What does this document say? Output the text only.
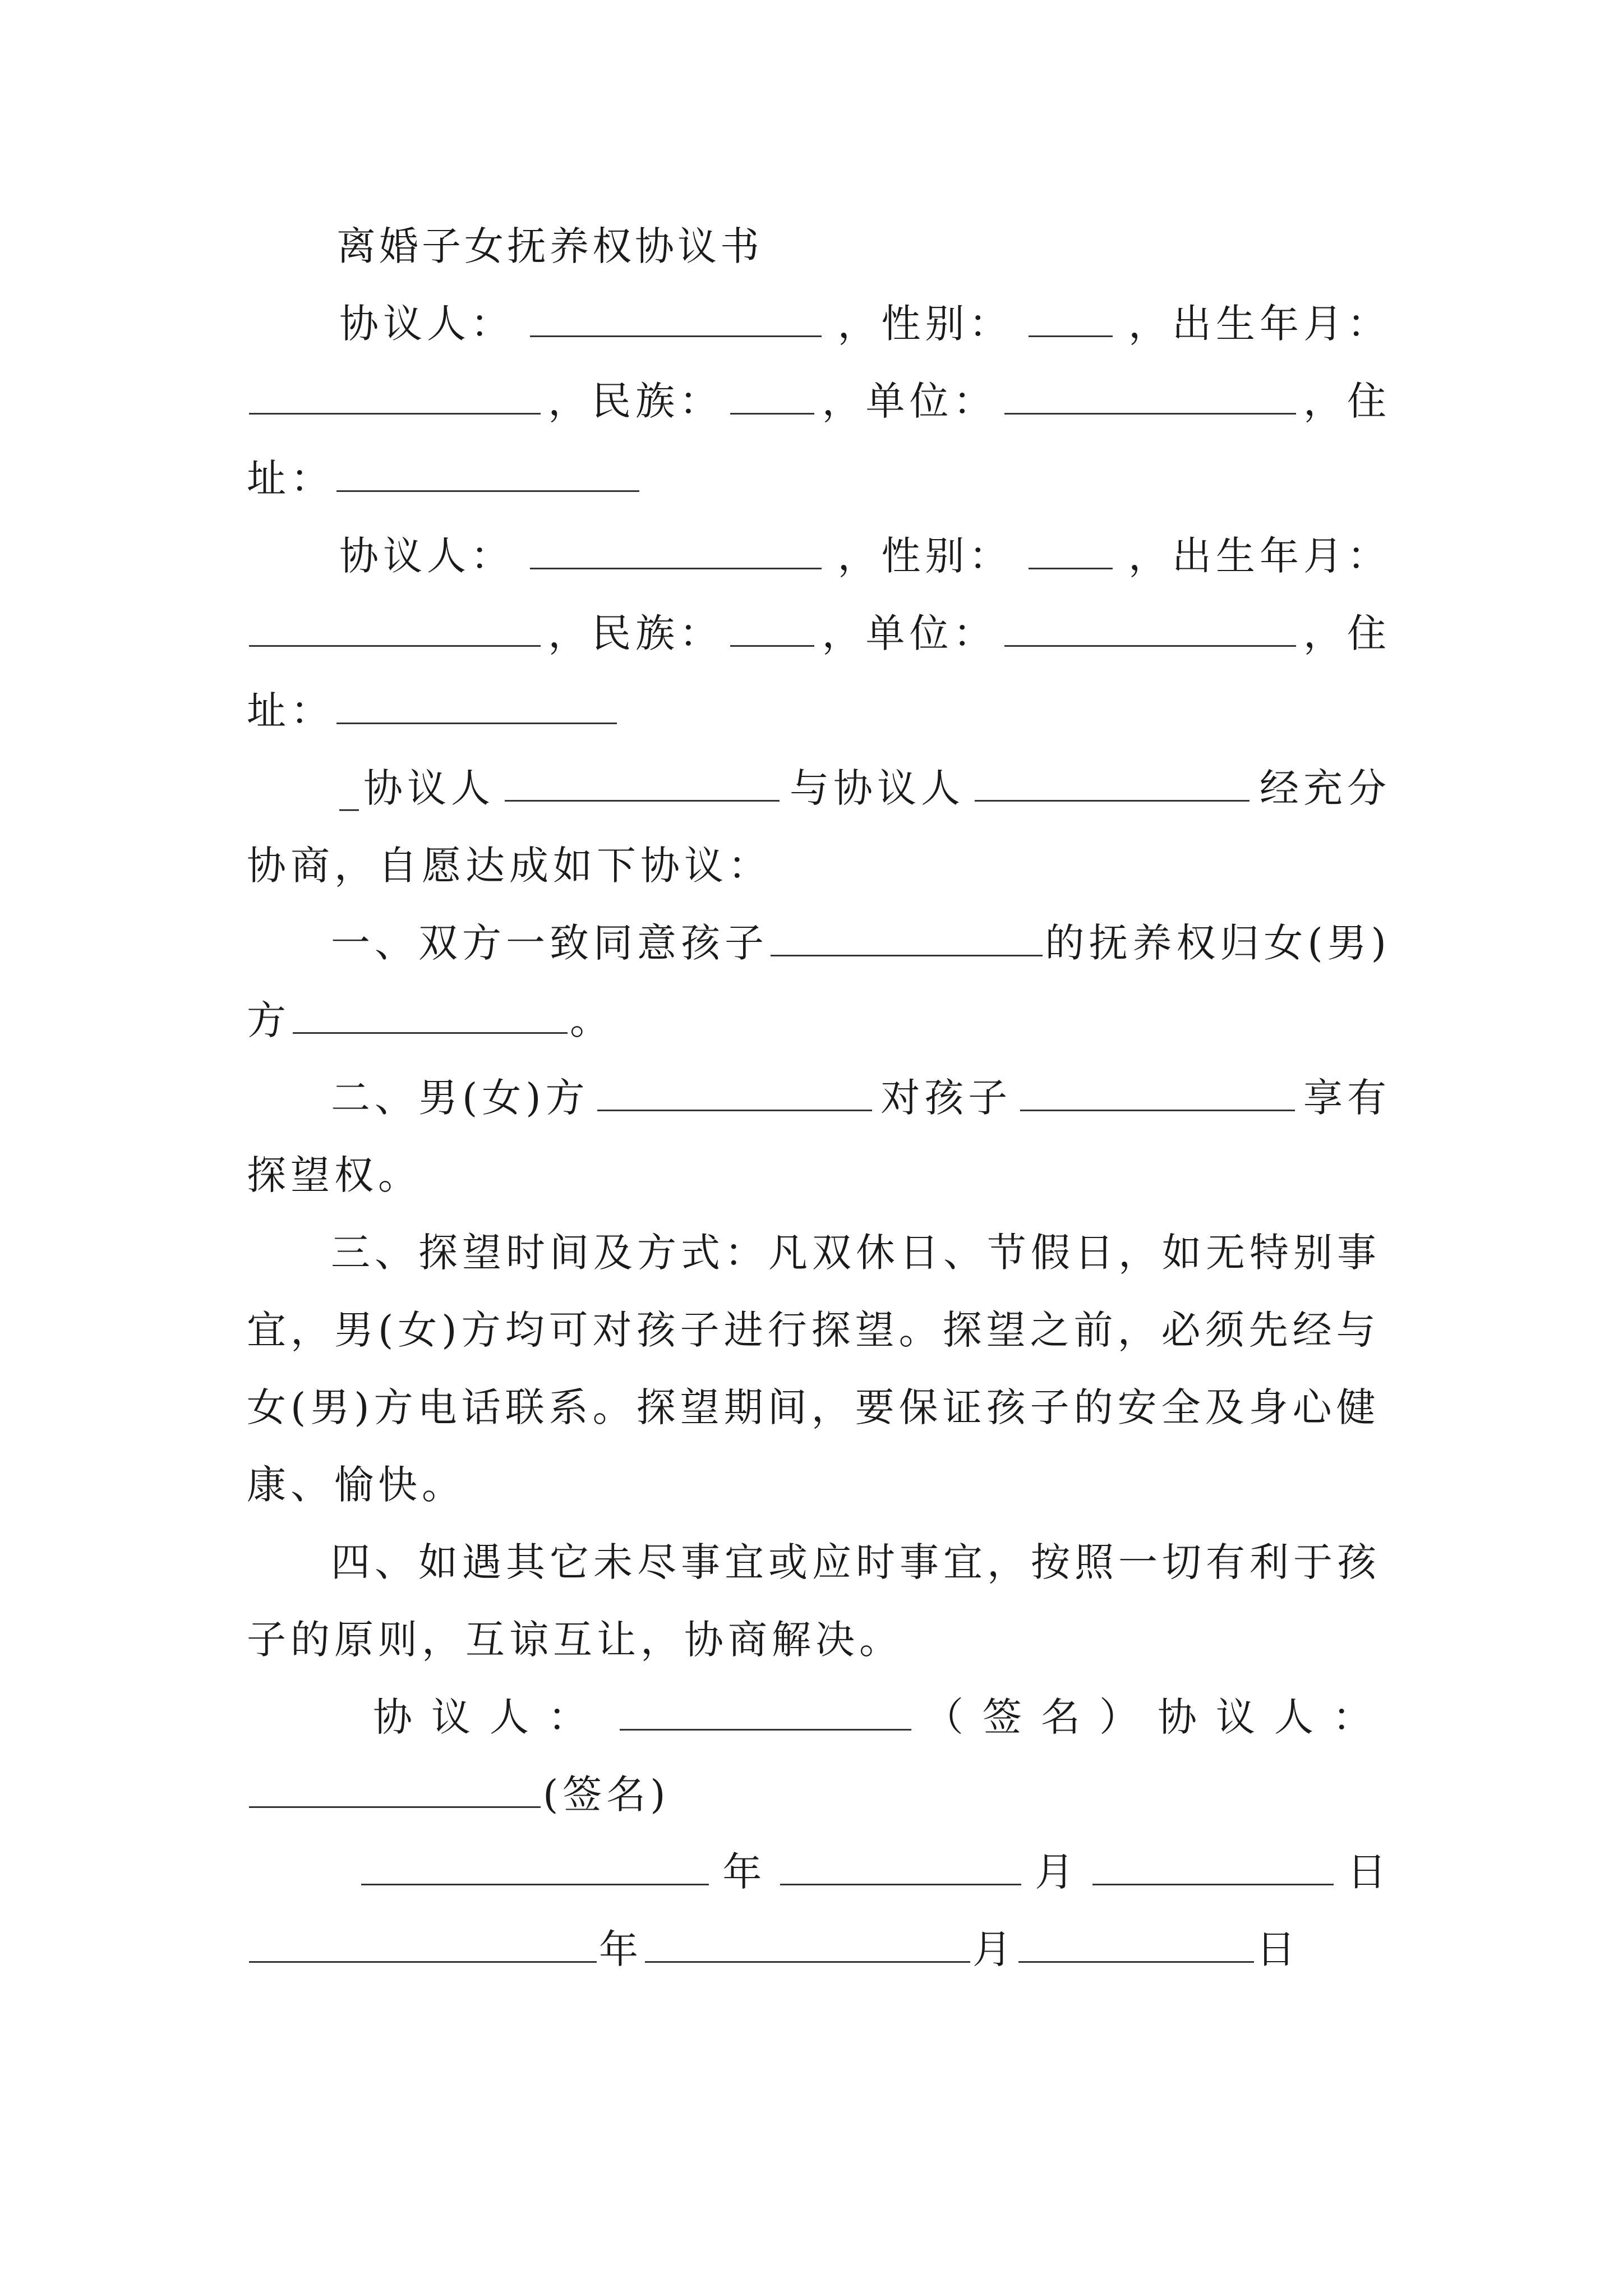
离婚子女抚养权协议书
协议人：	，性别：	，出生年月：
，民族：	，单位：	，住
址：
协议人：	，性别：	，出生年月：
，民族：	，单位：	，住
址：
_协议人	与协议人	经充分
协商，自愿达成如下协议：
一、双方一致同意孩子	的抚养权归女(男)
方	。
二、男(女)方	对孩子	享有
探望权。
三、探望时间及方式：凡双休日、节假日，如无特别事
宜，男(女)方均可对孩子进行探望。探望之前，必须先经与
女(男)方电话联系。探望期间，要保证孩子的安全及身心健
康、愉快。
四、如遇其它未尽事宜或应时事宜，按照一切有利于孩
子的原则，互谅互让，协商解决。
协议人：	（签名）协议人：
(签名)
年	月	日
年	月	日
